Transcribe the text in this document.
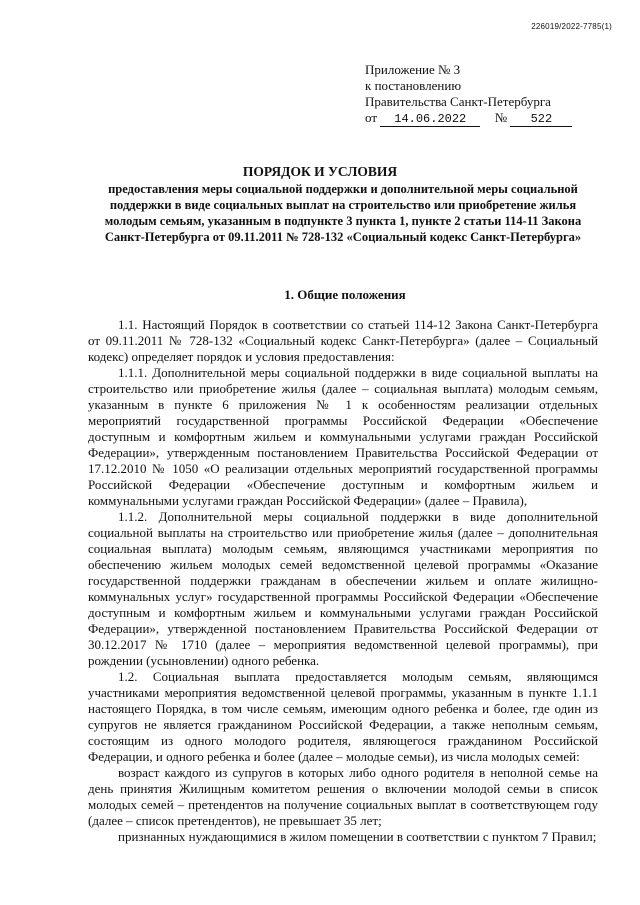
226019/2022-7785(1)
Приложение № 3
к постановлению
Правительства Санкт-Петербурга
от 14.06.2022 № 522
ПОРЯДОК И УСЛОВИЯ
предоставления меры социальной поддержки и дополнительной меры социальной поддержки в виде социальных выплат на строительство или приобретение жилья молодым семьям, указанным в подпункте 3 пункта 1, пункте 2 статьи 114-11 Закона Санкт-Петербурга от 09.11.2011 № 728-132 «Социальный кодекс Санкт-Петербурга»
1. Общие положения

1.1. Настоящий Порядок в соответствии со статьей 114-12 Закона Санкт-Петербурга от 09.11.2011 № 728-132 «Социальный кодекс Санкт-Петербурга» (далее – Социальный кодекс) определяет порядок и условия предоставления:

1.1.1. Дополнительной меры социальной поддержки в виде социальной выплаты на строительство или приобретение жилья (далее – социальная выплата) молодым семьям, указанным в пункте 6 приложения № 1 к особенностям реализации отдельных мероприятий государственной программы Российской Федерации «Обеспечение доступным и комфортным жильем и коммунальными услугами граждан Российской Федерации», утвержденным постановлением Правительства Российской Федерации от 17.12.2010 № 1050 «О реализации отдельных мероприятий государственной программы Российской Федерации «Обеспечение доступным и комфортным жильем и коммунальными услугами граждан Российской Федерации» (далее – Правила),

1.1.2. Дополнительной меры социальной поддержки в виде дополнительной социальной выплаты на строительство или приобретение жилья (далее – дополнительная социальная выплата) молодым семьям, являющимся участниками мероприятия по обеспечению жильем молодых семей ведомственной целевой программы «Оказание государственной поддержки гражданам в обеспечении жильем и оплате жилищно-коммунальных услуг» государственной программы Российской Федерации «Обеспечение доступным и комфортным жильем и коммунальными услугами граждан Российской Федерации», утвержденной постановлением Правительства Российской Федерации от 30.12.2017 № 1710 (далее – мероприятия ведомственной целевой программы), при рождении (усыновлении) одного ребенка.

1.2. Социальная выплата предоставляется молодым семьям, являющимся участниками мероприятия ведомственной целевой программы, указанным в пункте 1.1.1 настоящего Порядка, в том числе семьям, имеющим одного ребенка и более, где один из супругов не является гражданином Российской Федерации, а также неполным семьям, состоящим из одного молодого родителя, являющегося гражданином Российской Федерации, и одного ребенка и более (далее – молодые семьи), из числа молодых семей:

возраст каждого из супругов в которых либо одного родителя в неполной семье на день принятия Жилищным комитетом решения о включении молодой семьи в список молодых семей – претендентов на получение социальных выплат в соответствующем году (далее – список претендентов), не превышает 35 лет;

признанных нуждающимися в жилом помещении в соответствии с пунктом 7 Правил;
